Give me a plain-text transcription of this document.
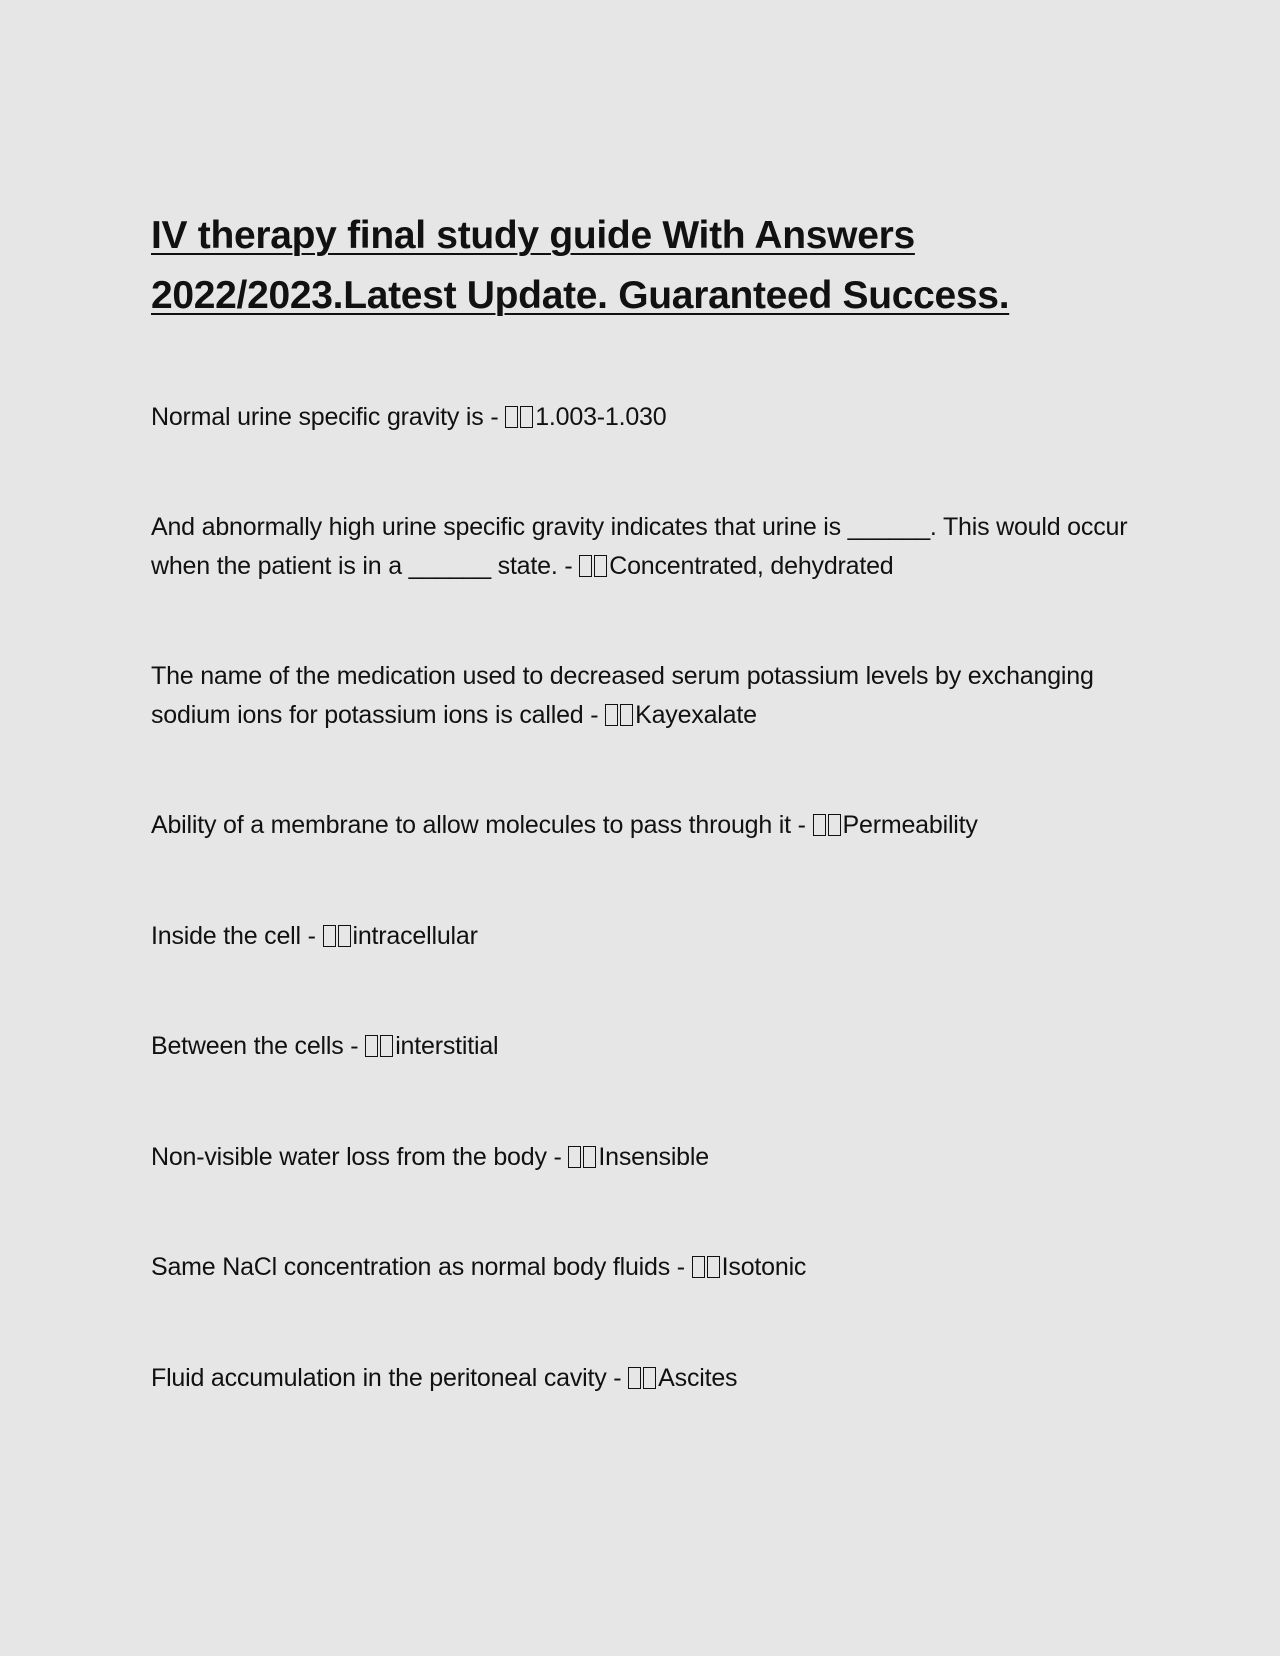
IV therapy final study guide With Answers
2022/2023.Latest Update. Guaranteed Success.

Normal urine specific gravity is - 1.003-1.030

And abnormally high urine specific gravity indicates that urine is ______. This would occur when the patient is in a ______ state. - Concentrated, dehydrated

The name of the medication used to decreased serum potassium levels by exchanging sodium ions for potassium ions is called - Kayexalate

Ability of a membrane to allow molecules to pass through it - Permeability

Inside the cell - intracellular

Between the cells - interstitial

Non-visible water loss from the body - Insensible

Same NaCl concentration as normal body fluids - Isotonic

Fluid accumulation in the peritoneal cavity - Ascites
